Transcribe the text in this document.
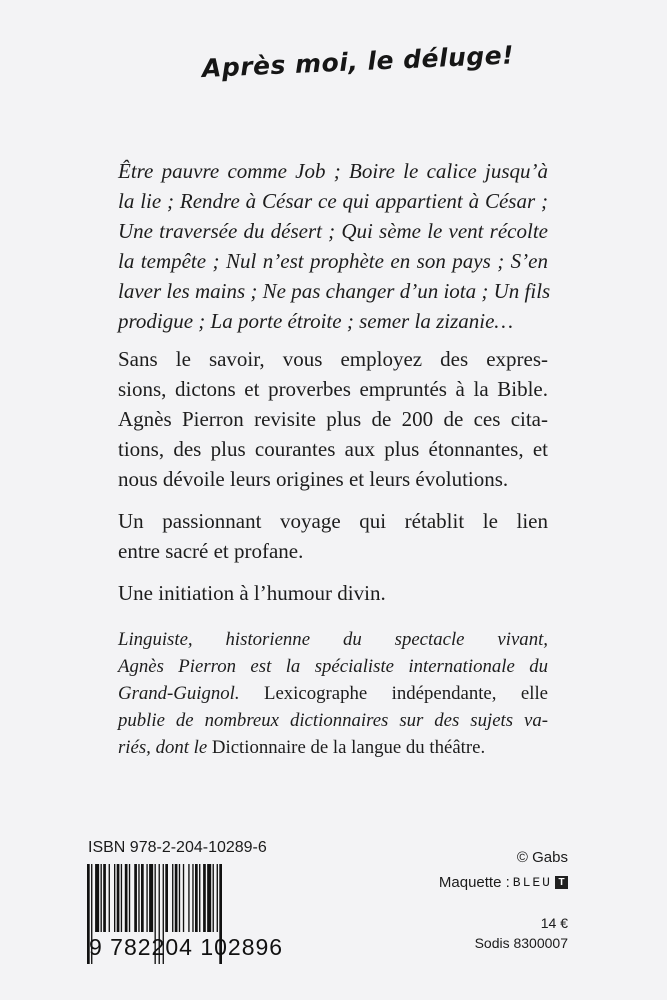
Après moi, le déluge!
Être pauvre comme Job ; Boire le calice jusqu’à
la lie ; Rendre à César ce qui appartient à César ;
Une traversée du désert ; Qui sème le vent récolte
la tempête ; Nul n’est prophète en son pays ; S’en
laver les mains ; Ne pas changer d’un iota ; Un fils
prodigue ; La porte étroite ; semer la zizanie…
Sans le savoir, vous employez des expres-
sions, dictons et proverbes empruntés à la Bible.
Agnès Pierron revisite plus de 200 de ces cita-
tions, des plus courantes aux plus étonnantes, et
nous dévoile leurs origines et leurs évolutions.
Un passionnant voyage qui rétablit le lien
entre sacré et profane.
Une initiation à l’humour divin.
Linguiste, historienne du spectacle vivant,
Agnès Pierron est la spécialiste internationale du
Grand-Guignol. Lexicographe indépendante, elle
publie de nombreux dictionnaires sur des sujets va-
riés, dont le Dictionnaire de la langue du théâtre.
ISBN 978-2-204-10289-6
9 782204 102896
© Gabs
Maquette : BLEU T
14 €
Sodis 8300007
